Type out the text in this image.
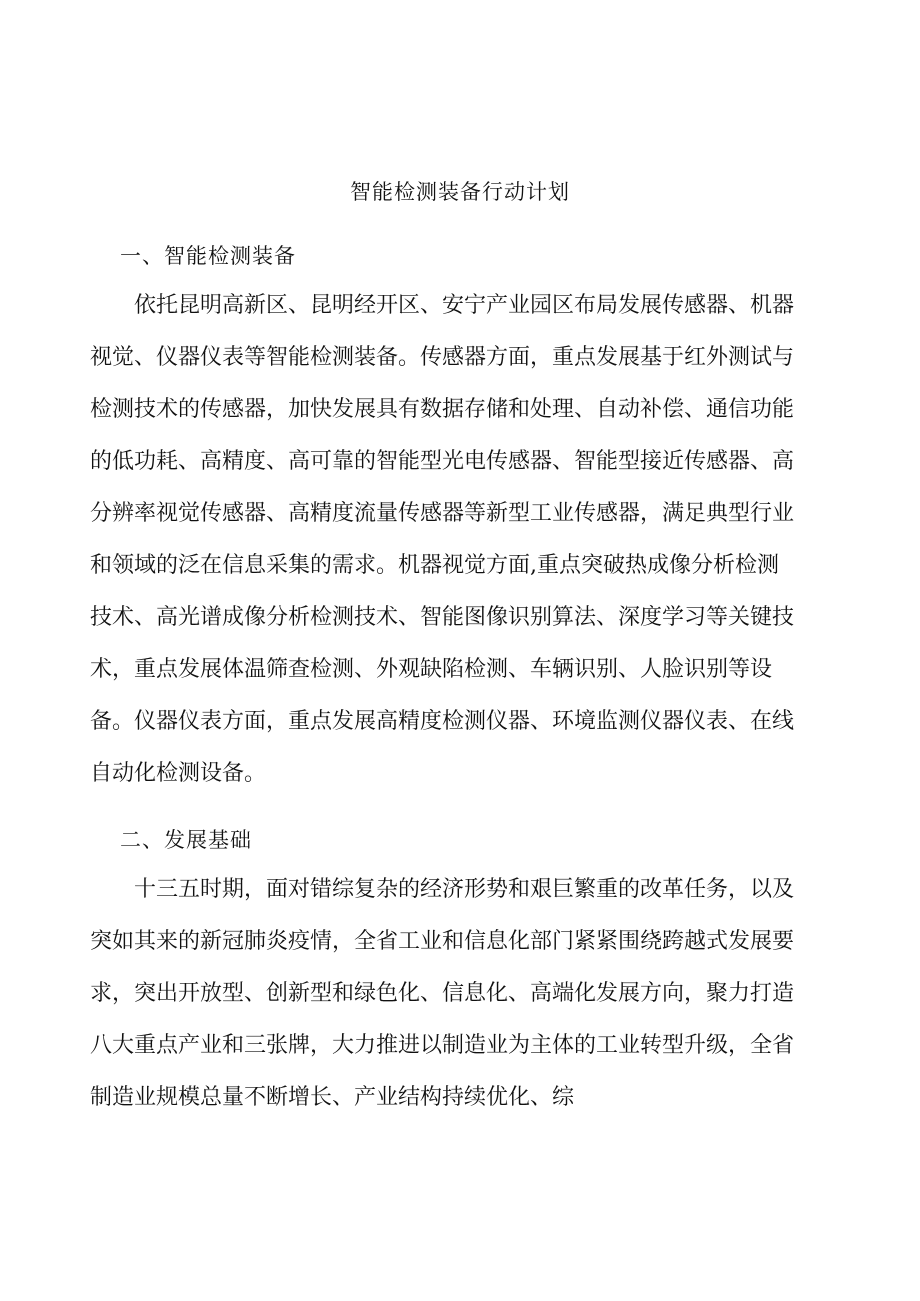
智能检测装备行动计划
一、智能检测装备
依托昆明高新区、昆明经开区、安宁产业园区布局发展传感器、机器
视觉、仪器仪表等智能检测装备。传感器方面，重点发展基于红外测试与
检测技术的传感器，加快发展具有数据存储和处理、自动补偿、通信功能
的低功耗、高精度、高可靠的智能型光电传感器、智能型接近传感器、高
分辨率视觉传感器、高精度流量传感器等新型工业传感器，满足典型行业
和领域的泛在信息采集的需求。机器视觉方面,重点突破热成像分析检测
技术、高光谱成像分析检测技术、智能图像识别算法、深度学习等关键技
术，重点发展体温筛查检测、外观缺陷检测、车辆识别、人脸识别等设
备。仪器仪表方面，重点发展高精度检测仪器、环境监测仪器仪表、在线
自动化检测设备。
二、发展基础
十三五时期，面对错综复杂的经济形势和艰巨繁重的改革任务，以及
突如其来的新冠肺炎疫情，全省工业和信息化部门紧紧围绕跨越式发展要
求，突出开放型、创新型和绿色化、信息化、高端化发展方向，聚力打造
八大重点产业和三张牌，大力推进以制造业为主体的工业转型升级，全省
制造业规模总量不断增长、产业结构持续优化、综
